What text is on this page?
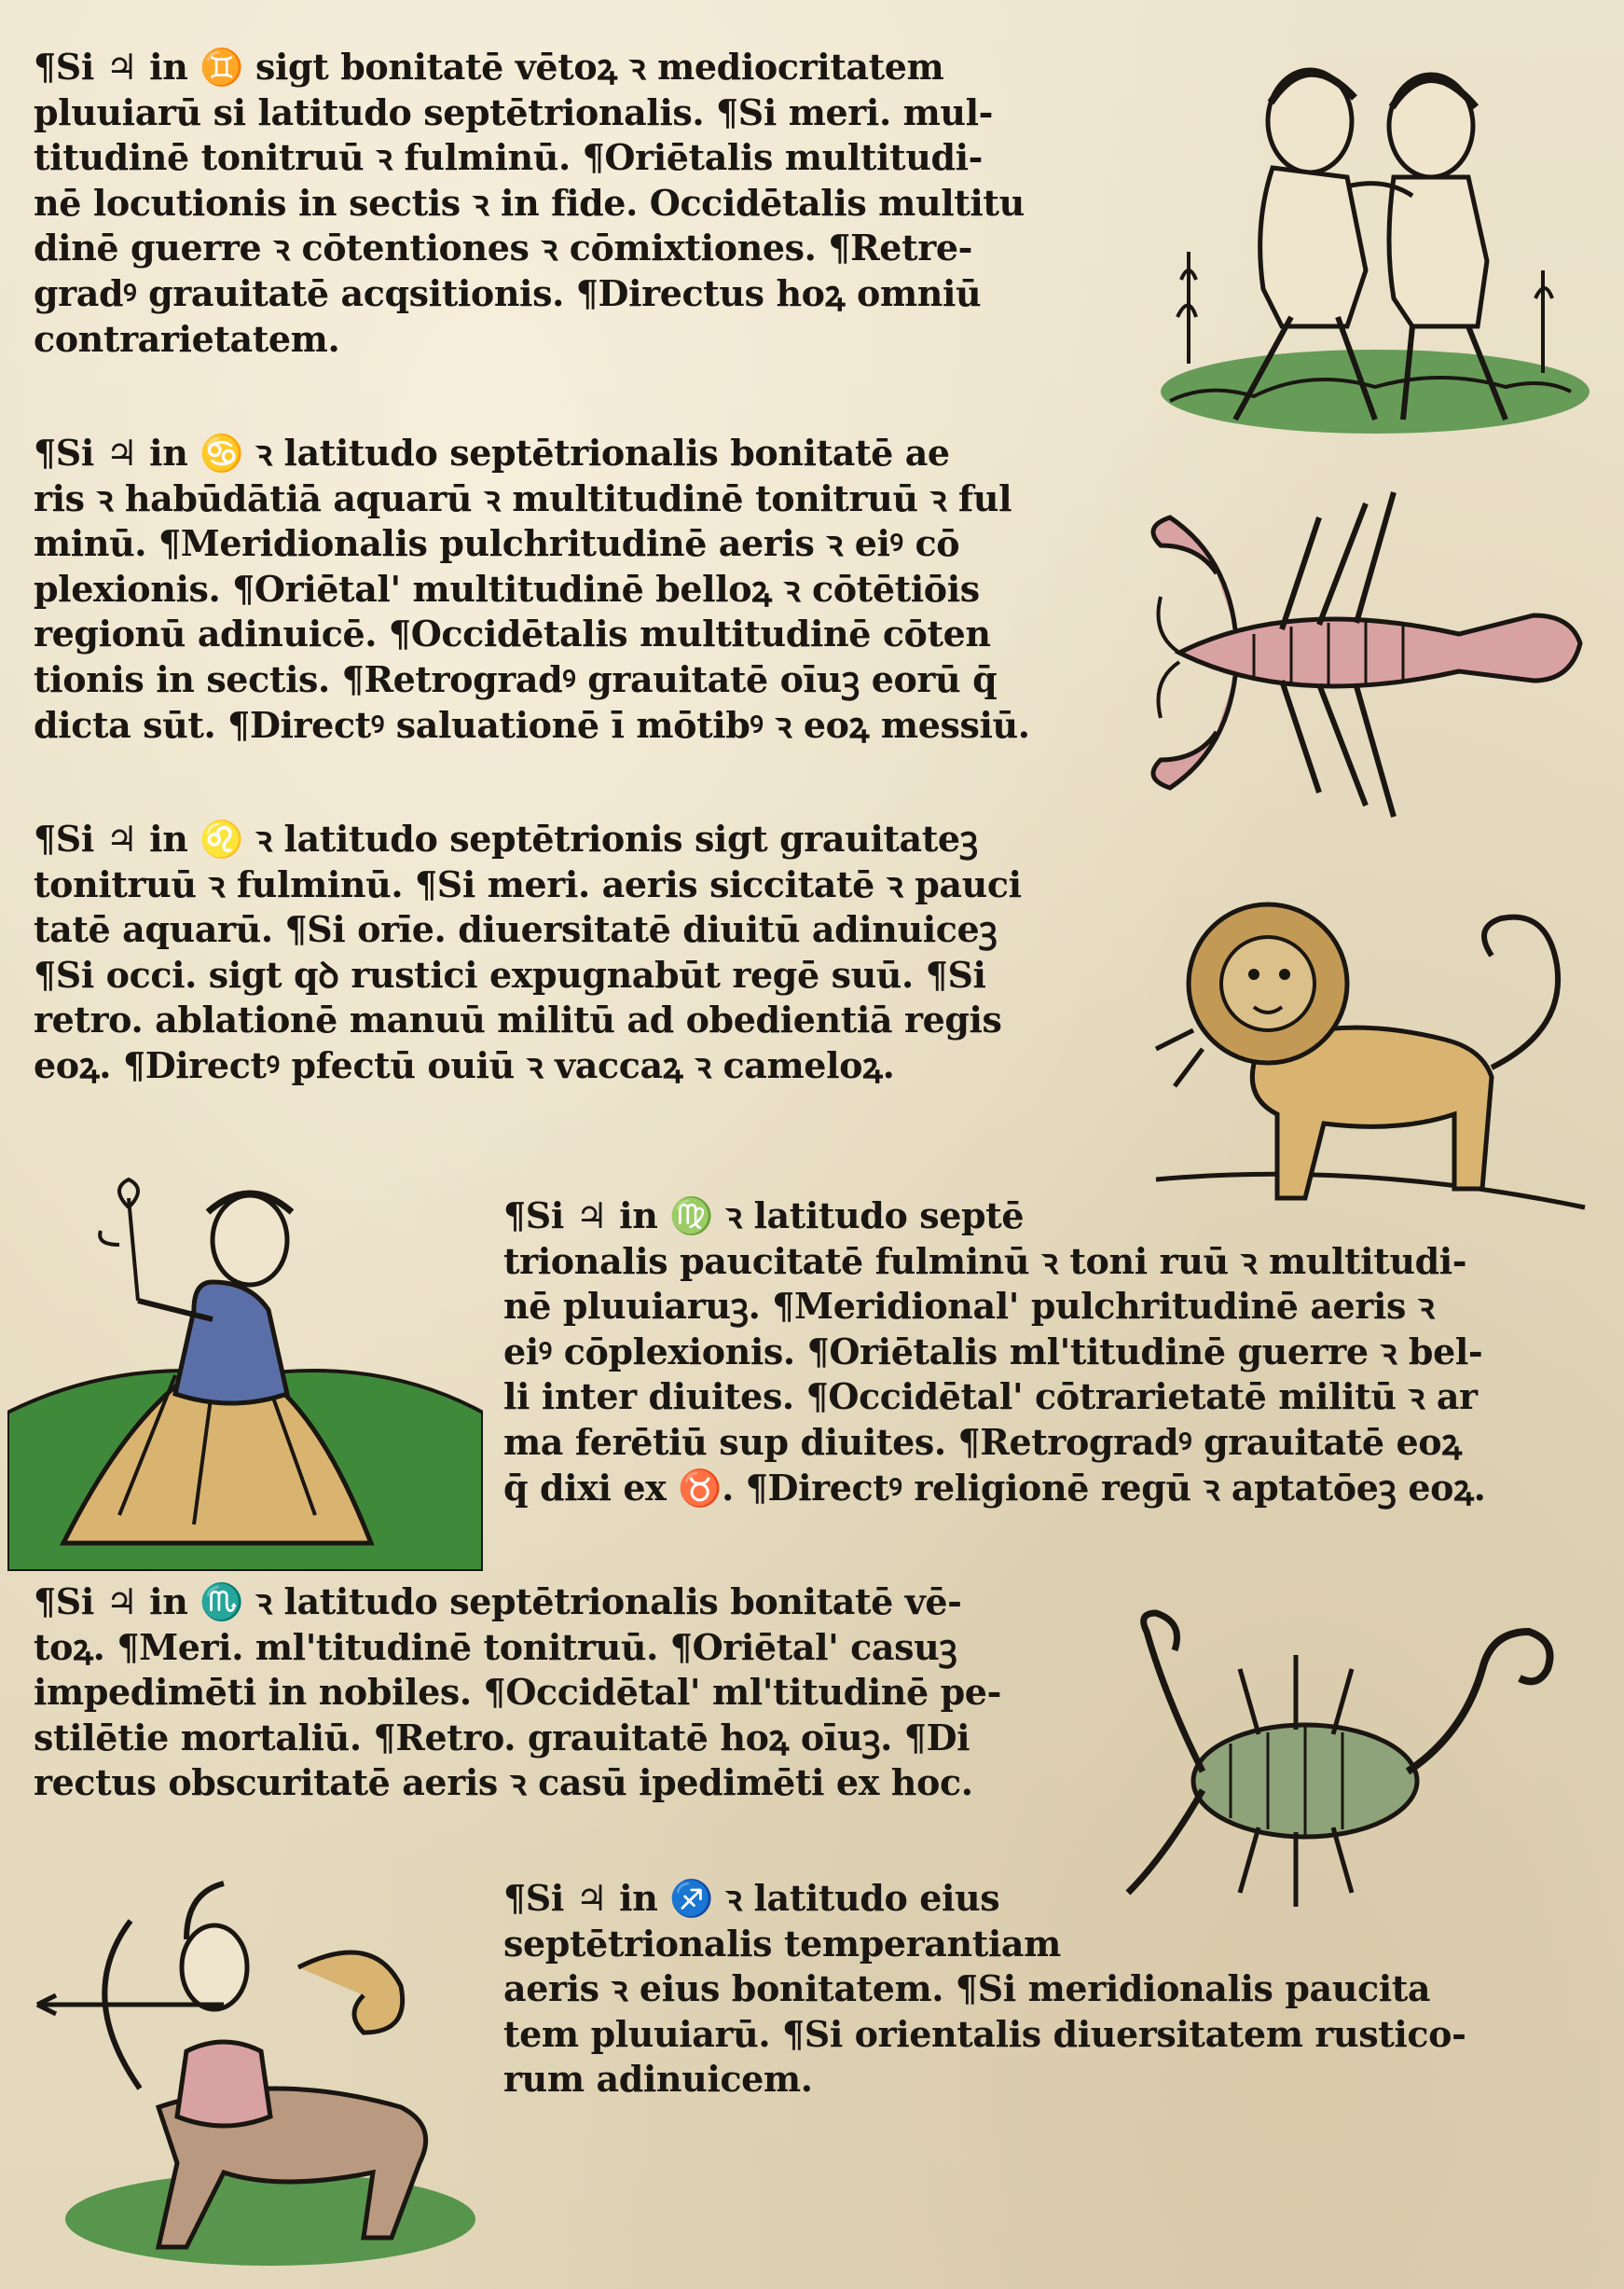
¶Si ♃ in ♊ sigt bonitatē vētoꝝ ꝛ mediocritatem
pluuiarū si latitudo septētrionalis. ¶Si meri. mul-
titudinē tonitruū ꝛ fulminū. ¶Oriētalis multitudi-
nē locutionis in sectis ꝛ in fide. Occidētalis multitu
dinē guerre ꝛ cōtentiones ꝛ cōmixtiones. ¶Retre-
gradꝰ grauitatē acqsitionis. ¶Directus hoꝝ omniū
contrarietatem.
¶Si ♃ in ♋ ꝛ latitudo septētrionalis bonitatē ae
ris ꝛ habūdātiā aquarū ꝛ multitudinē tonitruū ꝛ ful
minū. ¶Meridionalis pulchritudinē aeris ꝛ eiꝰ cō
plexionis. ¶Oriētal' multitudinē belloꝝ ꝛ cōtētiōis
regionū adinuicē. ¶Occidētalis multitudinē cōten
tionis in sectis. ¶Retrogradꝰ grauitatē oīuꝫ eorū q̄
dicta sūt. ¶Directꝰ saluationē ī mōtibꝰ ꝛ eoꝝ messiū.
¶Si ♃ in ♌ ꝛ latitudo septētrionis sigt grauitateꝫ
tonitruū ꝛ fulminū. ¶Si meri. aeris siccitatē ꝛ pauci
tatē aquarū. ¶Si orīe. diuersitatē diuitū adinuiceꝫ
¶Si occi. sigt qꝺ rustici expugnabūt regē suū. ¶Si
retro. ablationē manuū militū ad obedientiā regis
eoꝝ. ¶Directꝰ pfectū ouiū ꝛ vaccaꝝ ꝛ cameloꝝ.
¶Si ♃ in ♍ ꝛ latitudo septē
trionalis paucitatē fulminū ꝛ toni ruū ꝛ multitudi-
nē pluuiaruꝫ. ¶Meridional' pulchritudinē aeris ꝛ
eiꝰ cōplexionis. ¶Oriētalis ml'titudinē guerre ꝛ bel-
li inter diuites. ¶Occidētal' cōtrarietatē militū ꝛ ar
ma ferētiū sup diuites. ¶Retrogradꝰ grauitatē eoꝝ
q̄ dixi ex ♉. ¶Directꝰ religionē regū ꝛ aptatōeꝫ eoꝝ.
¶Si ♃ in ♏ ꝛ latitudo septētrionalis bonitatē vē-
toꝝ. ¶Meri. ml'titudinē tonitruū. ¶Oriētal' casuꝫ
impedimēti in nobiles. ¶Occidētal' ml'titudinē pe-
stilētie mortaliū. ¶Retro. grauitatē hoꝝ oīuꝫ. ¶Di
rectus obscuritatē aeris ꝛ casū ipedimēti ex hoc.
¶Si ♃ in ♐ ꝛ latitudo eius
septētrionalis temperantiam
aeris ꝛ eius bonitatem. ¶Si meridionalis paucita
tem pluuiarū. ¶Si orientalis diuersitatem rustico-
rum adinuicem.
